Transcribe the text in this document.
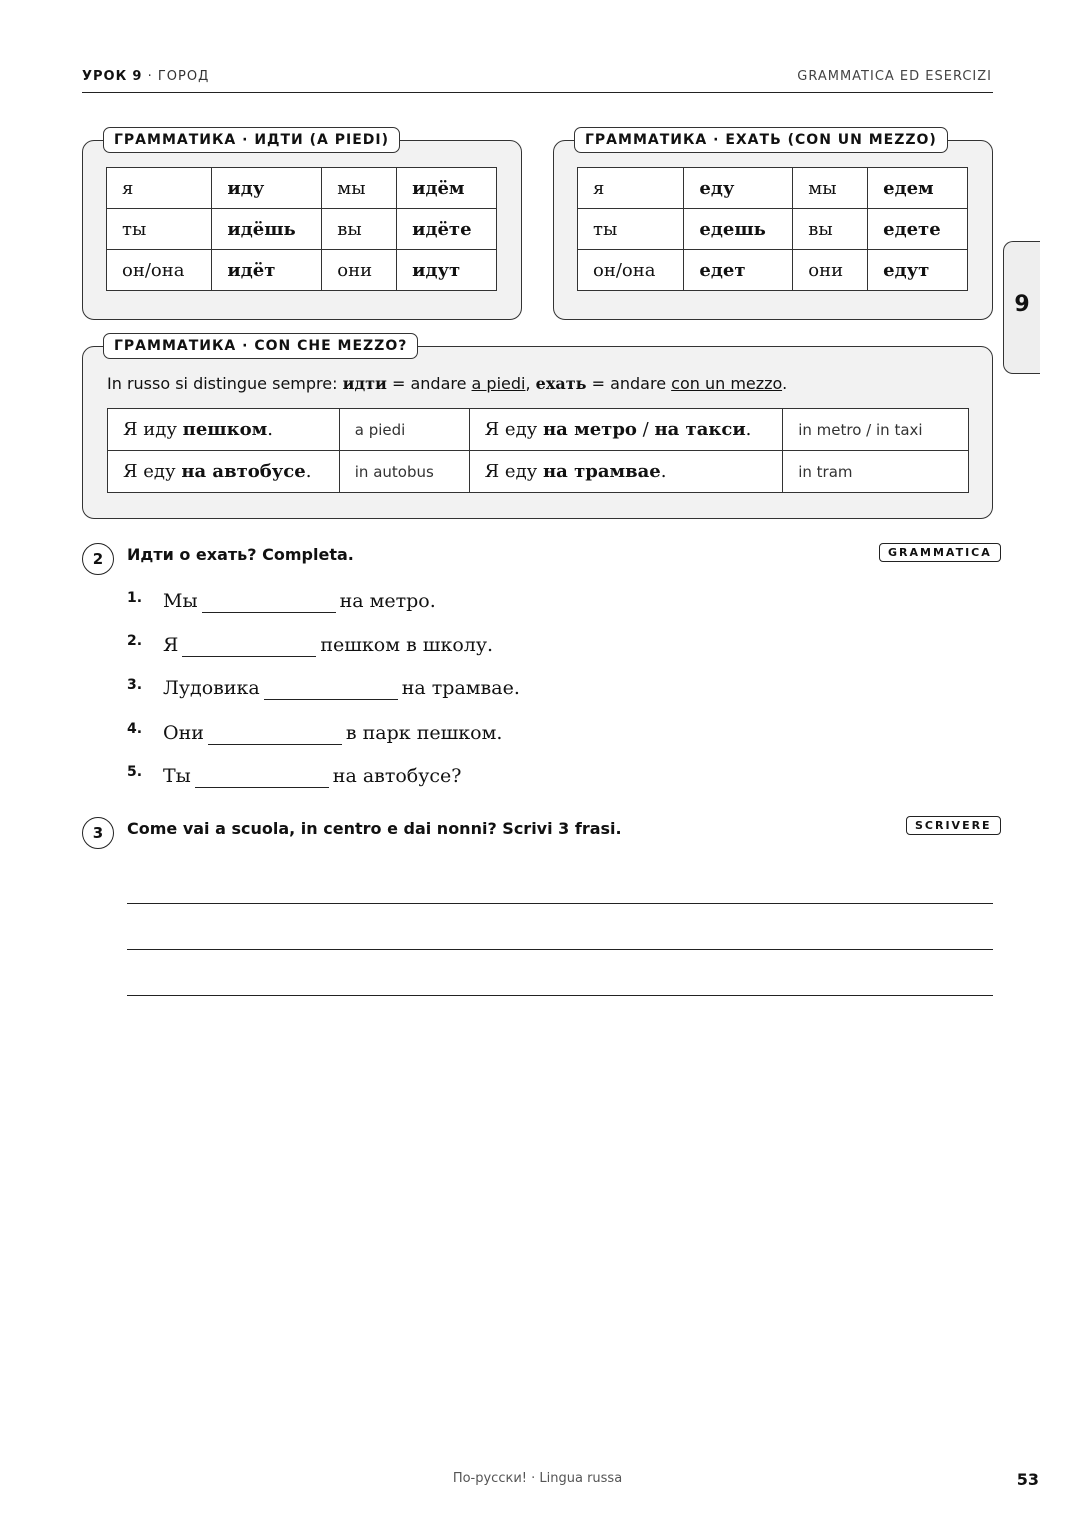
УРОК 9 · ГОРОД	GRAMMATICA ED ESERCIZI
9
ГРАММАТИКА · ИДТИ (A PIEDI)
я	иду	мы	идём
ты	идёшь	вы	идёте
он/она	идёт	они	идут
ГРАММАТИКА · ЕХАТЬ (CON UN MEZZO)
я	еду	мы	едем
ты	едешь	вы	едете
он/она	едет	они	едут
ГРАММАТИКА · CON CHE MEZZO?
In russo si distingue sempre: идти = andare a piedi, ехать = andare con un mezzo.
Я иду пешком.	a piedi	Я еду на метро / на такси.	in metro / in taxi
Я еду на автобусе.	in autobus	Я еду на трамвае.	in tram
2	Идти o ехать? Completa.	GRAMMATICA
1. Мы	на метро.
2. Я	пешком в школу.
3. Лудовика	на трамвае.
4. Они	в парк пешком.
5. Ты	на автобусе?
3	Come vai a scuola, in centro e dai nonni? Scrivi 3 frasi.	SCRIVERE
По-русски! · Lingua russa	53
